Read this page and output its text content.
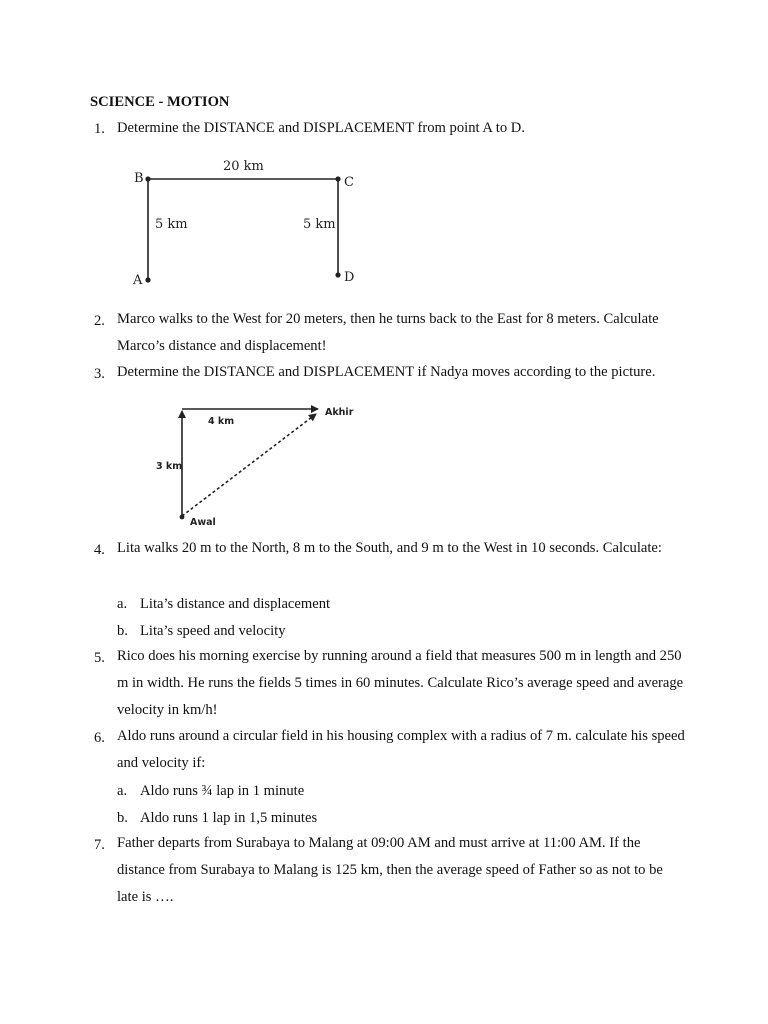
SCIENCE - MOTION
1. Determine the DISTANCE and DISPLACEMENT from point A to D.
A
B	C
D
20 km
5 km	5 km
4 km
3 km
Awal
Akhir
2. Marco walks to the West for 20 meters, then he turns back to the East for 8 meters. Calculate Marco’s distance and displacement!
3. Determine the DISTANCE and DISPLACEMENT if Nadya moves according to the picture.
4. Lita walks 20 m to the North, 8 m to the South, and 9 m to the West in 10 seconds. Calculate:
a. Lita’s distance and displacement
b. Lita’s speed and velocity
5. Rico does his morning exercise by running around a field that measures 500 m in length and 250 m in width. He runs the fields 5 times in 60 minutes. Calculate Rico’s average speed and average velocity in km/h!
6. Aldo runs around a circular field in his housing complex with a radius of 7 m. calculate his speed and velocity if:
a. Aldo runs ¾ lap in 1 minute
b. Aldo runs 1 lap in 1,5 minutes
7. Father departs from Surabaya to Malang at 09:00 AM and must arrive at 11:00 AM. If the distance from Surabaya to Malang is 125 km, then the average speed of Father so as not to be late is ….
